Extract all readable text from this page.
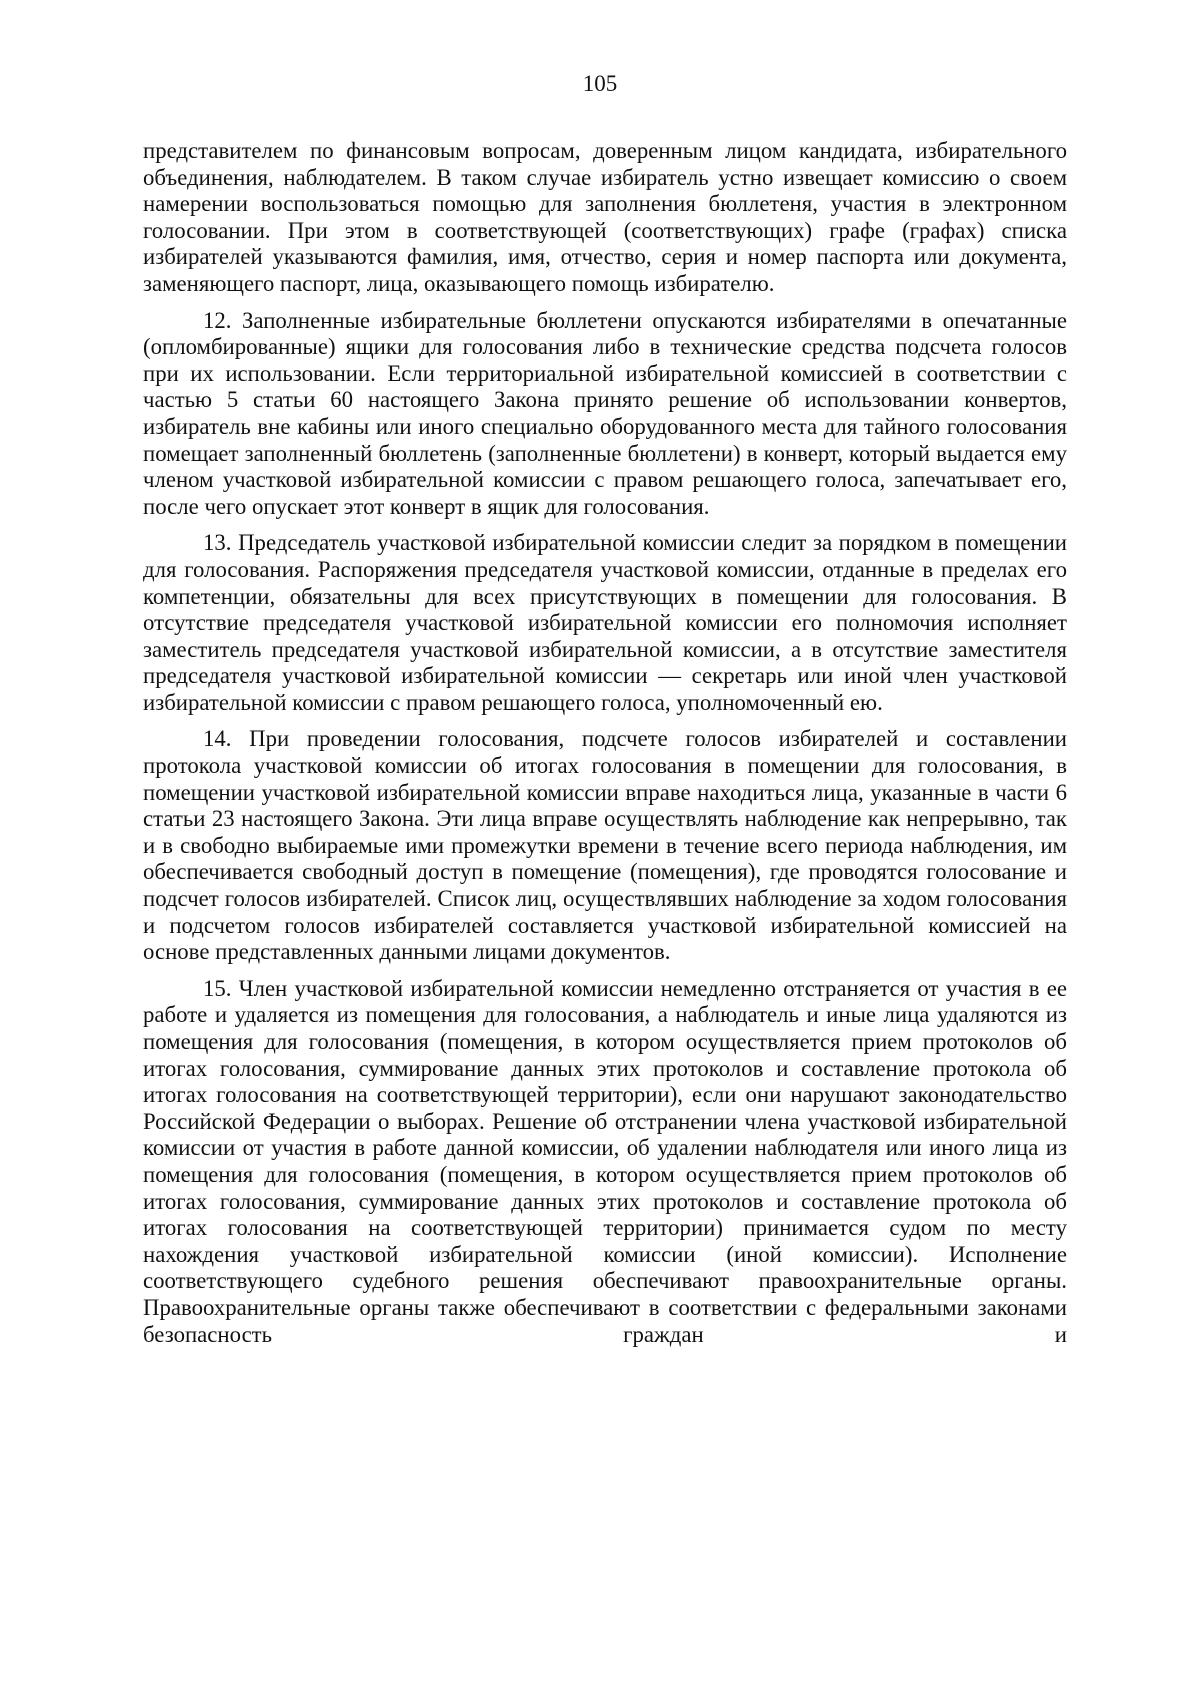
105

представителем по финансовым вопросам, доверенным лицом кандидата, избирательного объединения, наблюдателем. В таком случае избиратель устно извещает комиссию о своем намерении воспользоваться помощью для заполнения бюллетеня, участия в электронном голосовании. При этом в соответствующей (соответствующих) графе (графах) списка избирателей указываются фамилия, имя, отчество, серия и номер паспорта или документа, заменяющего паспорт, лица, оказывающего помощь избирателю.

12. Заполненные избирательные бюллетени опускаются избирателями в опечатанные (опломбированные) ящики для голосования либо в технические средства подсчета голосов при их использовании. Если территориальной избирательной комиссией в соответствии с частью 5 статьи 60 настоящего Закона принято решение об использовании конвертов, избиратель вне кабины или иного специально оборудованного места для тайного голосования помещает заполненный бюллетень (заполненные бюллетени) в конверт, который выдается ему членом участковой избирательной комиссии с правом решающего голоса, запечатывает его, после чего опускает этот конверт в ящик для голосования.

13. Председатель участковой избирательной комиссии следит за порядком в помещении для голосования. Распоряжения председателя участковой комиссии, отданные в пределах его компетенции, обязательны для всех присутствующих в помещении для голосования. В отсутствие председателя участковой избирательной комиссии его полномочия исполняет заместитель председателя участковой избирательной комиссии, а в отсутствие заместителя председателя участковой избирательной комиссии — секретарь или иной член участковой избирательной комиссии с правом решающего голоса, уполномоченный ею.

14. При проведении голосования, подсчете голосов избирателей и составлении протокола участковой комиссии об итогах голосования в помещении для голосования, в помещении участковой избирательной комиссии вправе находиться лица, указанные в части 6 статьи 23 настоящего Закона. Эти лица вправе осуществлять наблюдение как непрерывно, так и в свободно выбираемые ими промежутки времени в течение всего периода наблюдения, им обеспечивается свободный доступ в помещение (помещения), где проводятся голосование и подсчет голосов избирателей. Список лиц, осуществлявших наблюдение за ходом голосования и подсчетом голосов избирателей составляется участковой избирательной комиссией на основе представленных данными лицами документов.

15. Член участковой избирательной комиссии немедленно отстраняется от участия в ее работе и удаляется из помещения для голосования, а наблюдатель и иные лица удаляются из помещения для голосования (помещения, в котором осуществляется прием протоколов об итогах голосования, суммирование данных этих протоколов и составление протокола об итогах голосования на соответствующей территории), если они нарушают законодательство Российской Федерации о выборах. Решение об отстранении члена участковой избирательной комиссии от участия в работе данной комиссии, об удалении наблюдателя или иного лица из помещения для голосования (помещения, в котором осуществляется прием протоколов об итогах голосования, суммирование данных этих протоколов и составление протокола об итогах голосования на соответствующей территории) принимается судом по месту нахождения участковой избирательной комиссии (иной комиссии). Исполнение соответствующего судебного решения обеспечивают правоохранительные органы. Правоохранительные органы также обеспечивают в соответствии с федеральными законами безопасность граждан и
